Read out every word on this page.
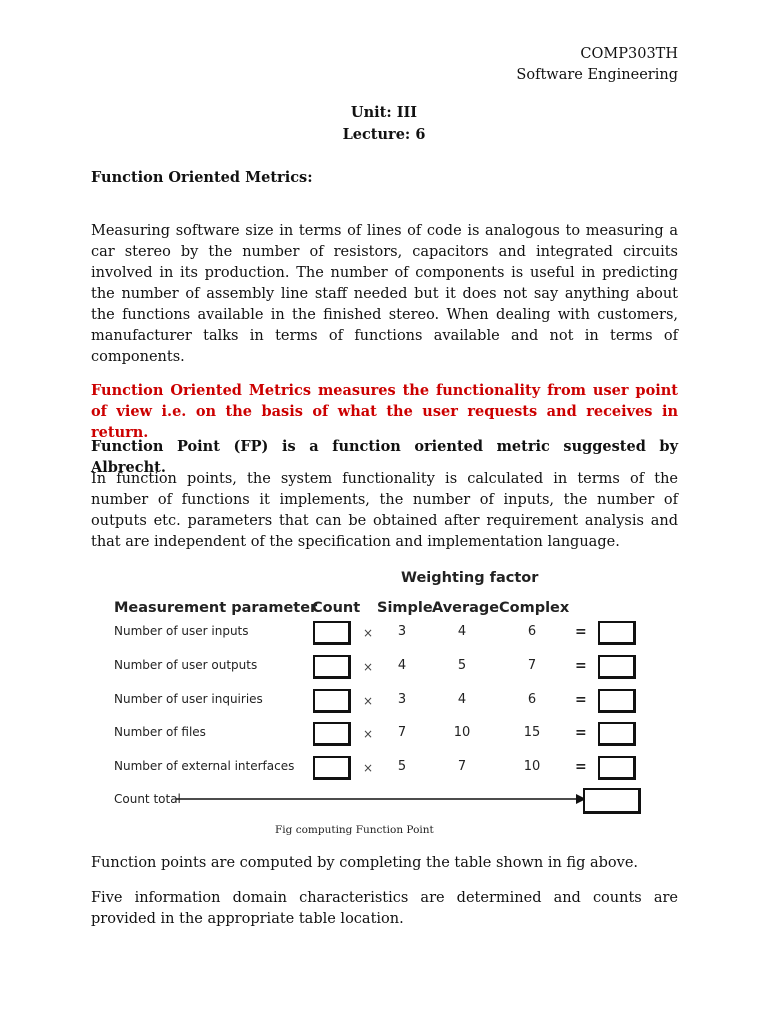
COMP303TH
Software Engineering
Unit: III
Lecture: 6
Function Oriented Metrics:
Measuring software size in terms of lines of code is analogous to measuring a car stereo by the number of resistors, capacitors and integrated circuits involved in its production. The number of components is useful in predicting the number of assembly line staff needed but it does not say anything about the functions available in the finished stereo. When dealing with customers, manufacturer talks in terms of functions available and not in terms of components.
Function Oriented Metrics measures the functionality from user point of view i.e. on the basis of what the user requests and receives in return.
Function Point (FP) is a function oriented metric suggested by Albrecht.
In function points, the system functionality is calculated in terms of the number of functions it implements, the number of inputs, the number of outputs etc. parameters that can be obtained after requirement analysis and that are independent of the specification and implementation language.
Weighting factor
Measurement parameter
Count Simple Average Complex
Number of user inputs	×	3	4	6	=
Number of user outputs	×	4	5	7	=
Number of user inquiries	×	3	4	6	=
Number of files	×	7	10	15	=
Number of external interfaces	×	5	7	10	=
Count total
Fig computing Function Point
Function points are computed by completing the table shown in fig above.
Five information domain characteristics are determined and counts are provided in the appropriate table location.
